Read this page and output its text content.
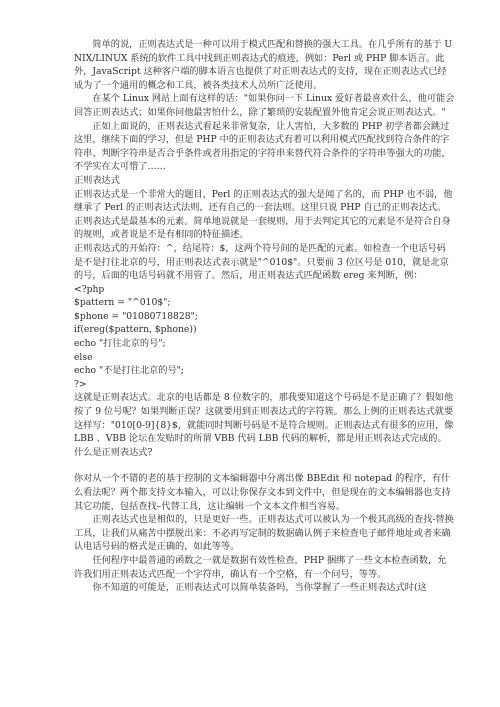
简单的说，正则表达式是一种可以用于模式匹配和替换的强大工具。在几乎所有的基于 UNIX/LINUX 系统的软件工具中找到正则表达式的痕迹，例如：Perl 或 PHP 脚本语言。此外，JavaScript 这种客户端的脚本语言也提供了对正则表达式的支持，现在正则表达式已经成为了一个通用的概念和工具，被各类技术人员所广泛使用。

在某个 Linux 网站上面有这样的话："如果你问一下 Linux 爱好者最喜欢什么，他可能会回答正则表达式；如果你问他最害怕什么，除了繁琐的安装配置外他肯定会说正则表达式。"

正如上面说的，正则表达式看起来非常复杂，让人害怕，大多数的 PHP 初学者都会跳过这里，继续下面的学习，但是 PHP 中的正则表达式有着可以利用模式匹配找到符合条件的字符串、判断字符串是否合乎条件或者用指定的字符串来替代符合条件的字符串等强大的功能，不学实在太可惜了……

正则表达式

正则表达式是一个非常大的题目，Perl 的正则表达式的强大是闻了名的，而 PHP 也不弱，他继承了 Perl 的正则表达式法则，还有自己的一套法则。这里只说 PHP 自己的正则表达式。

正则表达式是最基本的元素。简单地说就是一套规则，用于去判定其它的元素是不是符合自身的规则，或者说是不是有相同的特征描述。

正则表达式的开始符：^，结尾符：$，这两个符号间的是匹配的元素。如检查一个电话号码是不是打往北京的号，用正则表达式表示就是"^010$"。只要前 3 位区号是 010，就是北京的号，后面的电话号码就不用管了。然后，用正则表达式匹配函数 ereg 来判断，例：

<?php

$pattern = "^010$";

$phone = "01080718828";

if(ereg($pattern, $phone))

echo "打往北京的号";

else

echo "不是打往北京的号";

?>

这就是正则表达式。北京的电话都是 8 位数字的，那我要知道这个号码是不是正确了？假如他按了 9 位号呢？如果判断正误？这就要用到正则表达式的字符簇。那么上例的正则表达式就要这样写："010[0-9]{8}$，就能同时判断号码是不是符合规则。正则表达式有很多的应用，像 LBB 、VBB 论坛在发贴时的所谓 VBB 代码 LBB 代码的解析，都是用正则表达式完成的。

什么是正则表达式?

你对从一个不错的老的基于控制的文本编辑器中分离出像 BBEdit 和 notepad 的程序，有什么看法呢？两个都支持文本输入，可以让你保存文本到文件中，但是现在的文本编辑器也支持其它功能，包括查找–代替工具，这让编辑一个文本文件相当容易。

正则表达式也是相似的，只是更好一些。正则表达式可以被认为一个极其高级的查找-替换工具，让我们从痛苦中摆脱出来：不必再写定制的数据确认例子来检查电子邮件地址或者来确认电话号码的格式是正确的，如此等等。

任何程序中最普通的函数之一就是数据有效性检查，PHP 捆绑了一些文本检查函数，允许我们用正则表达式匹配一个字符串，确认有一个空格，有一个问号，等等。

你不知道的可能是，正则表达式可以简单装备吗，当你掌握了一些正则表达式时(这
